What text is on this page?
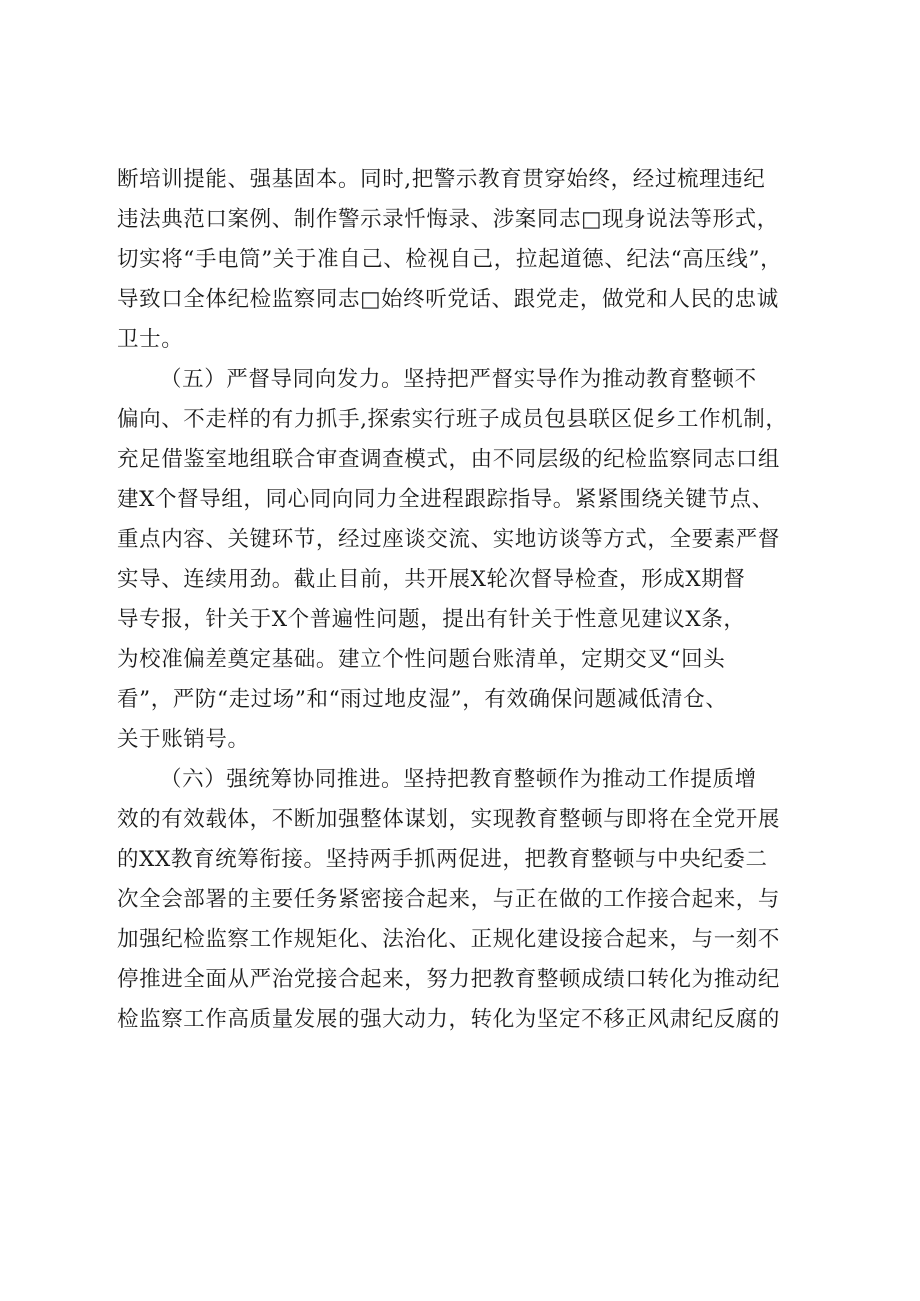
断培训提能、强基固本。同时,把警示教育贯穿始终，经过梳理违纪
违法典范口案例、制作警示录忏悔录、涉案同志□现身说法等形式，
切实将“手电筒”关于准自己、检视自己，拉起道德、纪法“高压线”，
导致口全体纪检监察同志□始终听党话、跟党走，做党和人民的忠诚
卫士。
（五）严督导同向发力。坚持把严督实导作为推动教育整顿不
偏向、不走样的有力抓手,探索实行班子成员包县联区促乡工作机制，
充足借鉴室地组联合审查调查模式，由不同层级的纪检监察同志口组
建X个督导组，同心同向同力全进程跟踪指导。紧紧围绕关键节点、
重点内容、关键环节，经过座谈交流、实地访谈等方式，全要素严督
实导、连续用劲。截止目前，共开展X轮次督导检查，形成X期督
导专报，针关于X个普遍性问题，提出有针关于性意见建议X条，
为校准偏差奠定基础。建立个性问题台账清单，定期交叉“回头
看”，严防“走过场”和“雨过地皮湿”，有效确保问题减低清仓、
关于账销号。
（六）强统筹协同推进。坚持把教育整顿作为推动工作提质增
效的有效载体，不断加强整体谋划，实现教育整顿与即将在全党开展
的XX教育统筹衔接。坚持两手抓两促进，把教育整顿与中央纪委二
次全会部署的主要任务紧密接合起来，与正在做的工作接合起来，与
加强纪检监察工作规矩化、法治化、正规化建设接合起来，与一刻不
停推进全面从严治党接合起来，努力把教育整顿成绩口转化为推动纪
检监察工作高质量发展的强大动力，转化为坚定不移正风肃纪反腐的
